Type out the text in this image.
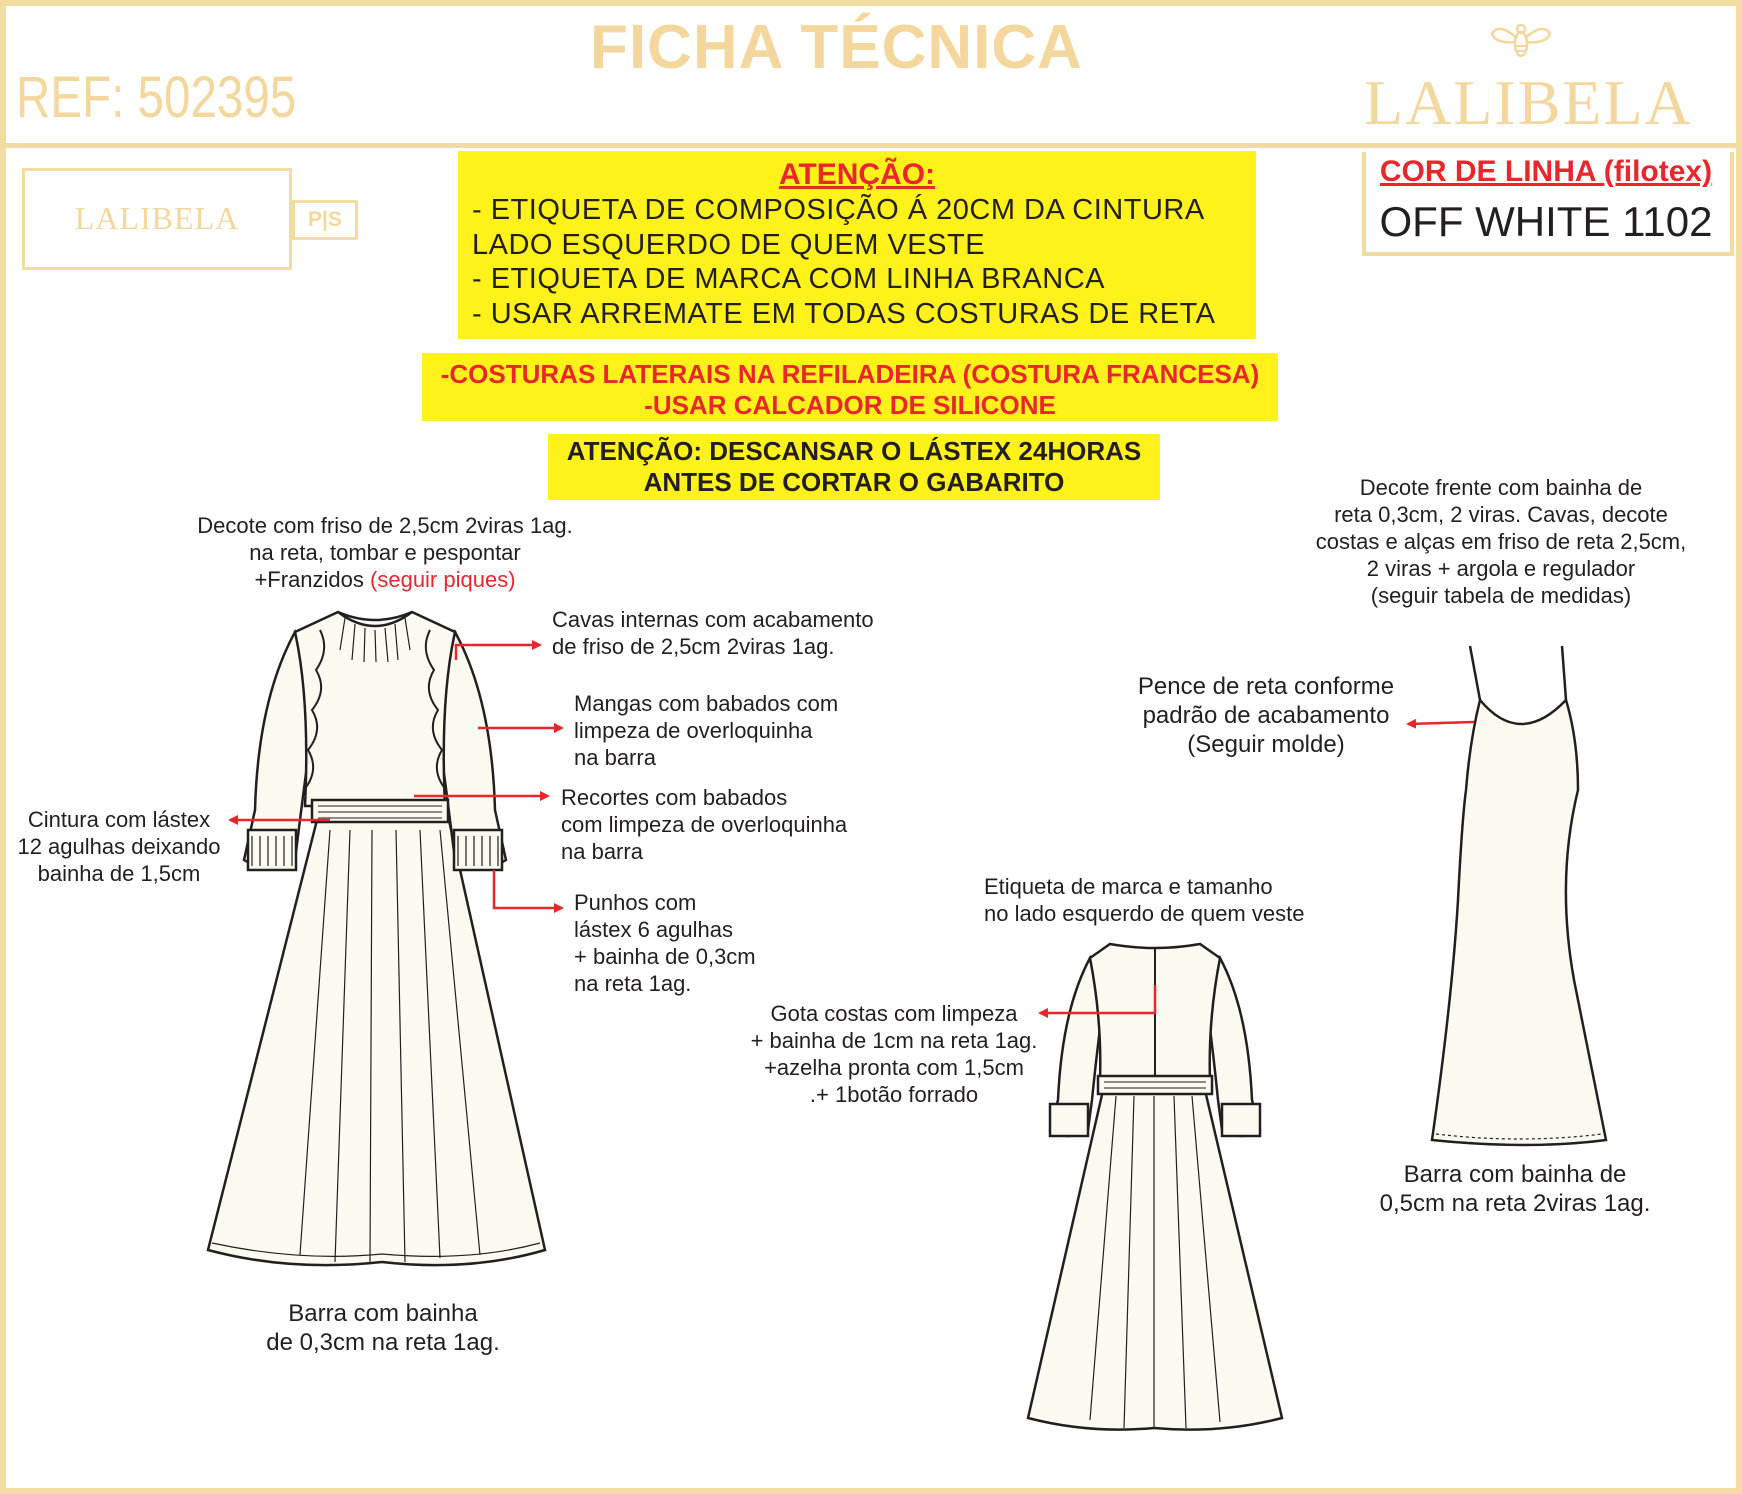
FICHA TÉCNICA
REF: 502395	LALIBELA
LALIBELA	P|S
COR DE LINHA (filotex)
OFF WHITE 1102
ATENÇÃO:
- ETIQUETA DE COMPOSIÇÃO Á 20CM DA CINTURA
LADO ESQUERDO DE QUEM VESTE
- ETIQUETA DE MARCA COM LINHA BRANCA
- USAR ARREMATE EM TODAS COSTURAS DE RETA
-COSTURAS LATERAIS NA REFILADEIRA (COSTURA FRANCESA)
-USAR CALCADOR DE SILICONE
ATENÇÃO: DESCANSAR O LÁSTEX 24HORAS
ANTES DE CORTAR O GABARITO
Decote com friso de 2,5cm 2viras 1ag.
na reta, tombar e pespontar
+Franzidos (seguir piques)
Cavas internas com acabamento
de friso de 2,5cm 2viras 1ag.
Mangas com babados com
limpeza de overloquinha
na barra
Recortes com babados
com limpeza de overloquinha
na barra
Cintura com lástex
12 agulhas deixando
bainha de 1,5cm
Punhos com
lástex 6 agulhas
+ bainha de 0,3cm
na reta 1ag.
Barra com bainha
de 0,3cm na reta 1ag.
Etiqueta de marca e tamanho
no lado esquerdo de quem veste
Gota costas com limpeza
+ bainha de 1cm na reta 1ag.
+azelha pronta com 1,5cm
.+ 1botão forrado
Decote frente com bainha de
reta 0,3cm, 2 viras. Cavas, decote
costas e alças em friso de reta 2,5cm,
2 viras + argola e regulador
(seguir tabela de medidas)
Pence de reta conforme
padrão de acabamento
(Seguir molde)
Barra com bainha de
0,5cm na reta 2viras 1ag.
